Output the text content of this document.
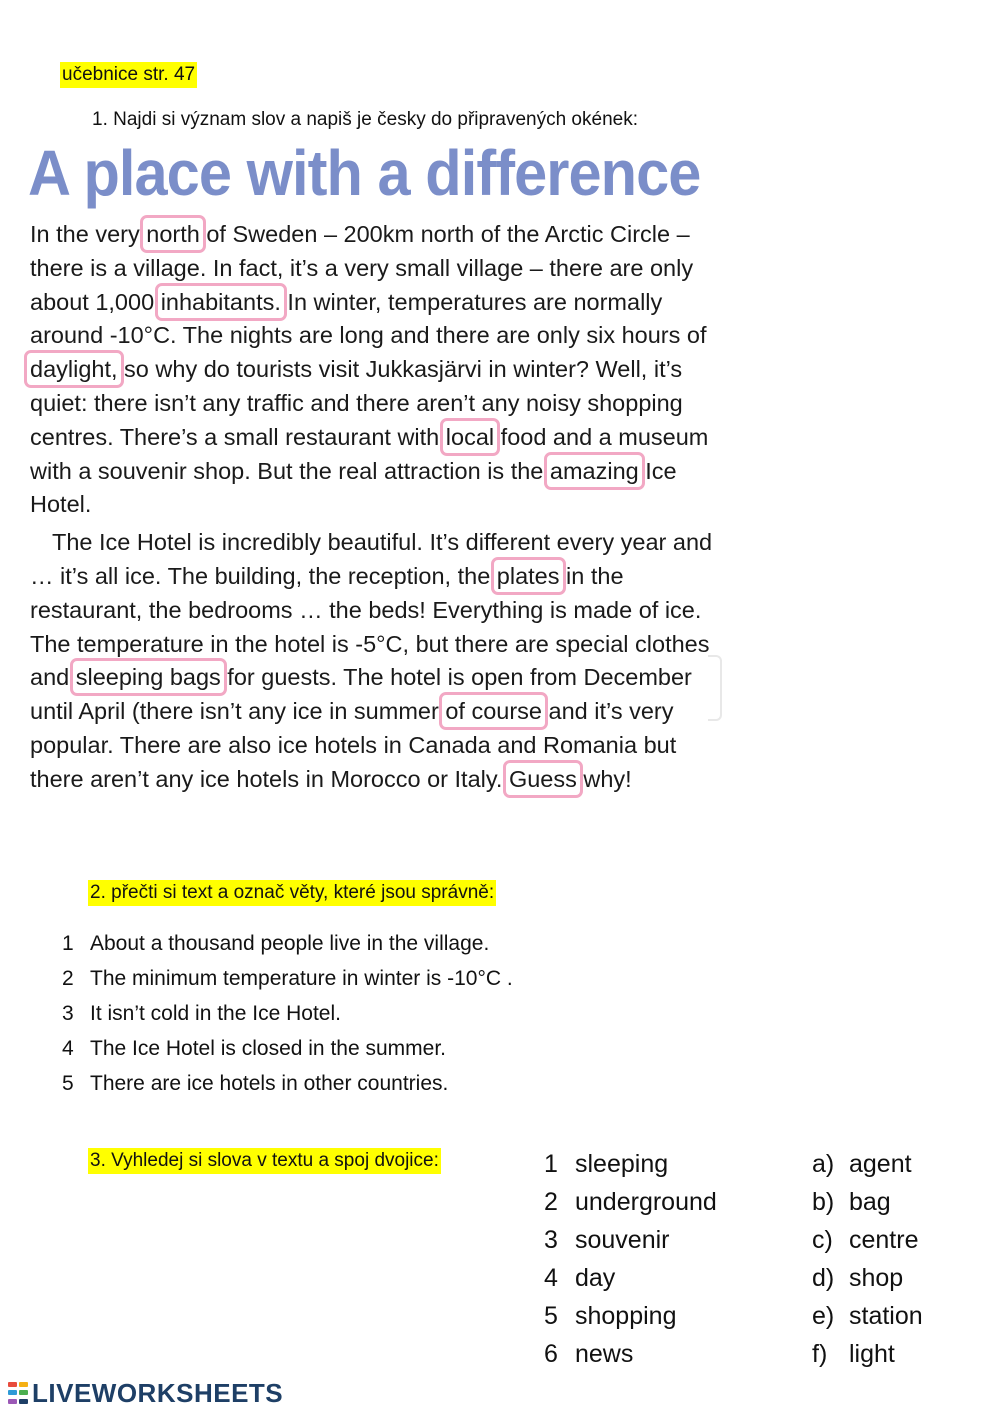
učebnice str. 47
1. Najdi si význam slov a napiš je česky do připravených okének:
A place with a difference

In the very north of Sweden – 200km north of the Arctic Circle – there is a village. In fact, it’s a very small village – there are only about 1,000 inhabitants. In winter, temperatures are normally around -10°C. The nights are long and there are only six hours of daylight, so why do tourists visit Jukkasjärvi in winter? Well, it’s quiet: there isn’t any traffic and there aren’t any noisy shopping centres. There’s a small restaurant with local food and a museum with a souvenir shop. But the real attraction is the amazing Ice Hotel.

The Ice Hotel is incredibly beautiful. It’s different every year and … it’s all ice. The building, the reception, the plates in the restaurant, the bedrooms … the beds! Everything is made of ice. The temperature in the hotel is -5°C, but there are special clothes and sleeping bags for guests. The hotel is open from December until April (there isn’t any ice in summer of course and it’s very popular. There are also ice hotels in Canada and Romania but there aren’t any ice hotels in Morocco or Italy. Guess why!

2. přečti si text a označ věty, které jsou správně:
1 About a thousand people live in the village.
2 The minimum temperature in winter is -10°C .
3 It isn’t cold in the Ice Hotel.
4 The Ice Hotel is closed in the summer.
5 There are ice hotels in other countries.
3. Vyhledej si slova v textu a spoj dvojice:	1 sleeping
2 underground
3 souvenir
4 day
5 shopping
6 news
a) agent
b) bag
c) centre
d) shop
e) station
f) light
LIVEWORKSHEETS
